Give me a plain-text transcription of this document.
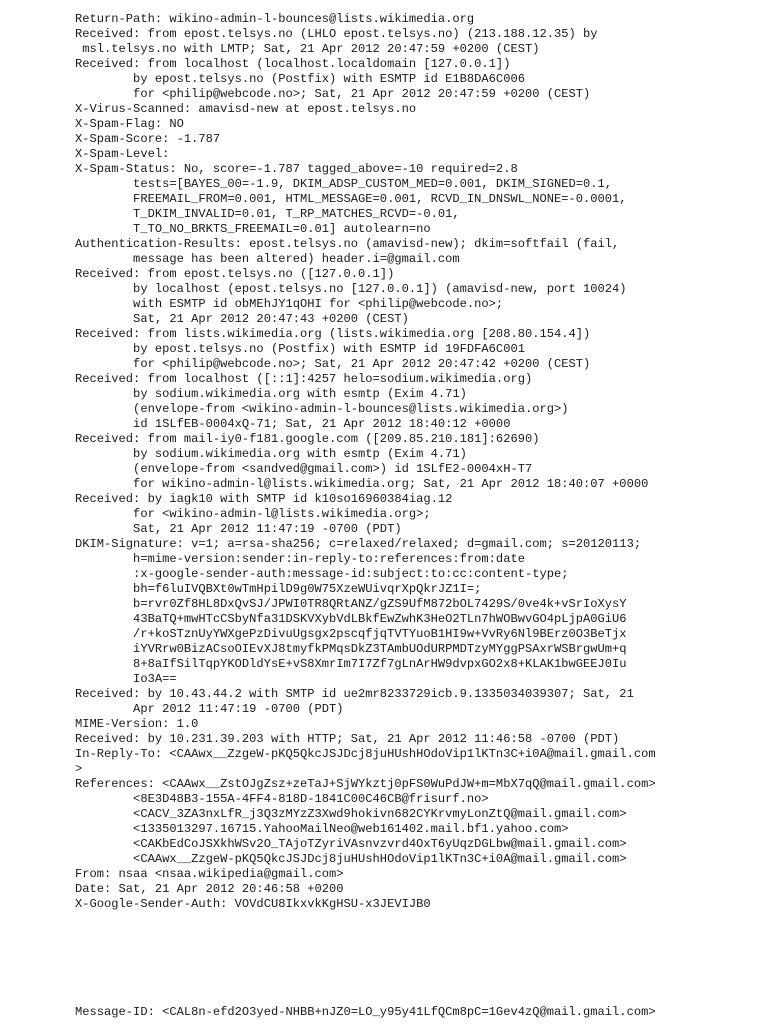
Return-Path: wikino-admin-l-bounces@lists.wikimedia.org
Received: from epost.telsys.no (LHLO epost.telsys.no) (213.188.12.35) by
msl.telsys.no with LMTP; Sat, 21 Apr 2012 20:47:59 +0200 (CEST)
Received: from localhost (localhost.localdomain [127.0.0.1])
by epost.telsys.no (Postfix) with ESMTP id E1B8DA6C006
for <philip@webcode.no>; Sat, 21 Apr 2012 20:47:59 +0200 (CEST)
X-Virus-Scanned: amavisd-new at epost.telsys.no
X-Spam-Flag: NO
X-Spam-Score: -1.787
X-Spam-Level:
X-Spam-Status: No, score=-1.787 tagged_above=-10 required=2.8
tests=[BAYES_00=-1.9, DKIM_ADSP_CUSTOM_MED=0.001, DKIM_SIGNED=0.1,
FREEMAIL_FROM=0.001, HTML_MESSAGE=0.001, RCVD_IN_DNSWL_NONE=-0.0001,
T_DKIM_INVALID=0.01, T_RP_MATCHES_RCVD=-0.01,
T_TO_NO_BRKTS_FREEMAIL=0.01] autolearn=no
Authentication-Results: epost.telsys.no (amavisd-new); dkim=softfail (fail,
message has been altered) header.i=@gmail.com
Received: from epost.telsys.no ([127.0.0.1])
by localhost (epost.telsys.no [127.0.0.1]) (amavisd-new, port 10024)
with ESMTP id obMEhJY1qOHI for <philip@webcode.no>;
Sat, 21 Apr 2012 20:47:43 +0200 (CEST)
Received: from lists.wikimedia.org (lists.wikimedia.org [208.80.154.4])
by epost.telsys.no (Postfix) with ESMTP id 19FDFA6C001
for <philip@webcode.no>; Sat, 21 Apr 2012 20:47:42 +0200 (CEST)
Received: from localhost ([::1]:4257 helo=sodium.wikimedia.org)
by sodium.wikimedia.org with esmtp (Exim 4.71)
(envelope-from <wikino-admin-l-bounces@lists.wikimedia.org>)
id 1SLfEB-0004xQ-71; Sat, 21 Apr 2012 18:40:12 +0000
Received: from mail-iy0-f181.google.com ([209.85.210.181]:62690)
by sodium.wikimedia.org with esmtp (Exim 4.71)
(envelope-from <sandved@gmail.com>) id 1SLfE2-0004xH-T7
for wikino-admin-l@lists.wikimedia.org; Sat, 21 Apr 2012 18:40:07 +0000
Received: by iagk10 with SMTP id k10so16960384iag.12
for <wikino-admin-l@lists.wikimedia.org>;
Sat, 21 Apr 2012 11:47:19 -0700 (PDT)
DKIM-Signature: v=1; a=rsa-sha256; c=relaxed/relaxed; d=gmail.com; s=20120113;
h=mime-version:sender:in-reply-to:references:from:date
:x-google-sender-auth:message-id:subject:to:cc:content-type;
bh=f6luIVQBXt0wTmHpilD9g0W75XzeWUivqrXpQkrJZ1I=;
b=rvr0Zf8HL8DxQvSJ/JPWI0TR8QRtANZ/gZS9UfM872bOL7429S/0ve4k+vSrIoXysY
43BaTQ+mwHTcCSbyNfa31DSKVXybVdLBkfEwZwhK3HeO2TLn7hWOBwvGO4pLjpA0GiU6
/r+koSTznUyYWXgePzDivuUgsgx2pscqfjqTVTYuoB1HI9w+VvRy6Nl9BErz0O3BeTjx
iYVRrw0BizACsoOIEvXJ8tmyfkPMqsDkZ3TAmbUOdURPMDTzyMYggPSAxrWSBrgwUm+q
8+8aIfSilTqpYKODldYsE+vS8XmrIm7I7Zf7gLnArHW9dvpxGO2x8+KLAK1bwGEEJ0Iu
Io3A==
Received: by 10.43.44.2 with SMTP id ue2mr8233729icb.9.1335034039307; Sat, 21
Apr 2012 11:47:19 -0700 (PDT)
MIME-Version: 1.0
Received: by 10.231.39.203 with HTTP; Sat, 21 Apr 2012 11:46:58 -0700 (PDT)
In-Reply-To: <CAAwx__ZzgeW-pKQ5QkcJSJDcj8juHUshHOdoVip1lKTn3C+i0A@mail.gmail.com
>
References: <CAAwx__ZstOJgZsz+zeTaJ+SjWYkztj0pFS0WuPdJW+m=MbX7qQ@mail.gmail.com>
<8E3D48B3-155A-4FF4-818D-1841C00C46CB@frisurf.no>
<CACV_3ZA3nxLfR_j3Q3zMYzZ3Xwd9hokivn682CYKrvmyLonZtQ@mail.gmail.com>
<1335013297.16715.YahooMailNeo@web161402.mail.bf1.yahoo.com>
<CAKbEdCoJSXkhWSv2O_TAjoTZyriVAsnvzvrd4OxT6yUqzDGLbw@mail.gmail.com>
<CAAwx__ZzgeW-pKQ5QkcJSJDcj8juHUshHOdoVip1lKTn3C+i0A@mail.gmail.com>
From: nsaa <nsaa.wikipedia@gmail.com>
Date: Sat, 21 Apr 2012 20:46:58 +0200
X-Google-Sender-Auth: VOVdCU8IkxvkKgHSU-x3JEVIJB0
Message-ID: <CAL8n-efd2O3yed-NHBB+nJZ0=LO_y95y41LfQCm8pC=1Gev4zQ@mail.gmail.com>
